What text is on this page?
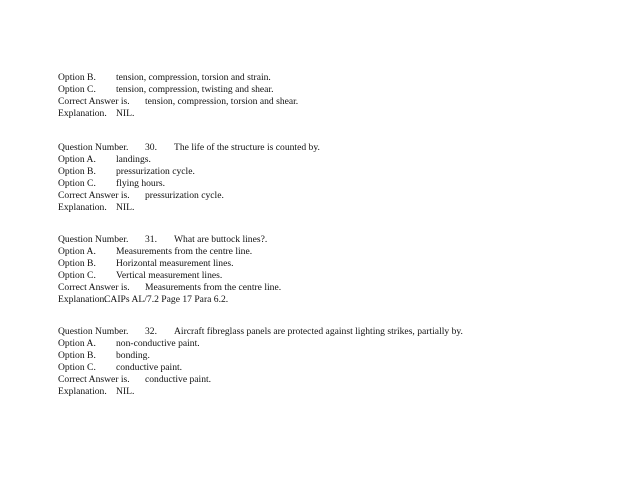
Option B. tension, compression, torsion and strain.
Option C. tension, compression, twisting and shear.
Correct Answer is. tension, compression, torsion and shear.
Explanation. NIL.
Question Number. 30. The life of the structure is counted by.
Option A. landings.
Option B. pressurization cycle.
Option C. flying hours.
Correct Answer is. pressurization cycle.
Explanation. NIL.
Question Number. 31. What are buttock lines?.
Option A. Measurements from the centre line.
Option B. Horizontal measurement lines.
Option C. Vertical measurement lines.
Correct Answer is. Measurements from the centre line.
Explanation.CAIPs AL/7.2 Page 17 Para 6.2.
Question Number. 32. Aircraft fibreglass panels are protected against lighting strikes, partially by.
Option A. non-conductive paint.
Option B. bonding.
Option C. conductive paint.
Correct Answer is. conductive paint.
Explanation. NIL.
